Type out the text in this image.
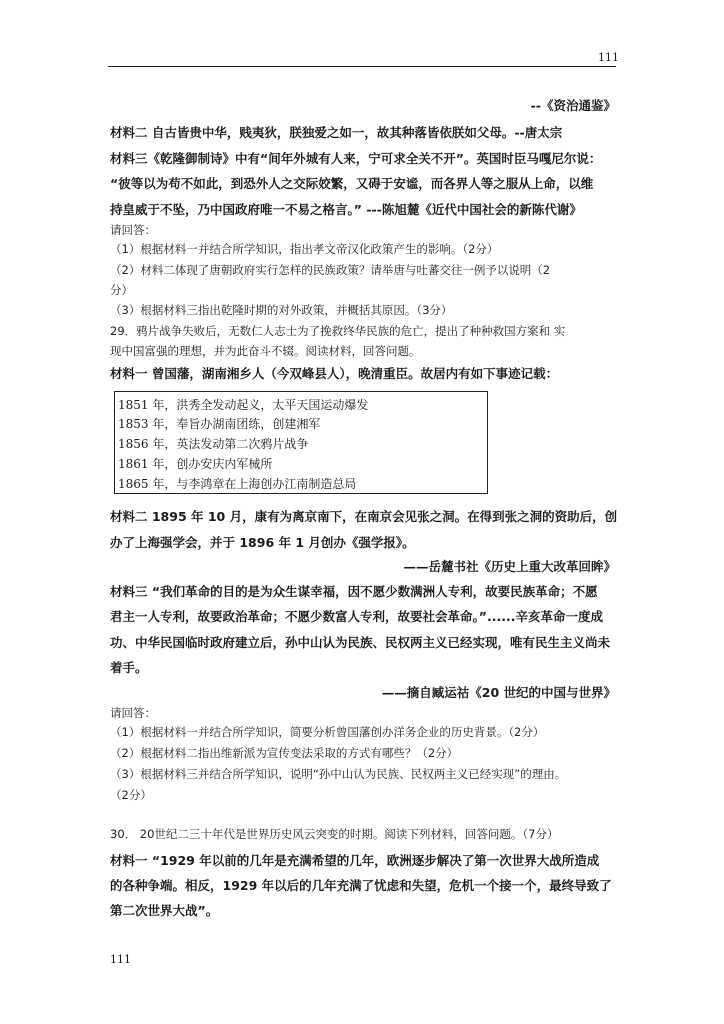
111
--《资治通鉴》
材料二 自古皆贵中华，贱夷狄，朕独爱之如一，故其种落皆依朕如父母。--唐太宗
材料三《乾隆御制诗》中有“间年外城有人来，宁可求全关不开”。英国时臣马嘎尼尔说：
“彼等以为苟不如此，到恐外人之交际姣繁，又碍于安谧，而各界人等之服从上命，以维
持皇威于不坠，乃中国政府唯一不易之格言。” ---陈旭麓《近代中国社会的新陈代谢》
请回答：
（1）根据材料一并结合所学知识，指出孝文帝汉化政策产生的影响。（2分）
（2）材料二体现了唐朝政府实行怎样的民族政策？请举唐与吐蕃交往一例予以说明（2
分）
（3）根据材料三指出乾隆时期的对外政策，并概括其原因。（3分）
29．鸦片战争失败后，无数仁人志士为了挽救终华民族的危亡，提出了种种救国方案和 实
现中国富强的理想，并为此奋斗不辍。阅读材料，回答问题。
材料一 曾国藩，湖南湘乡人（今双峰县人），晚清重臣。故居内有如下事迹记载：
1851 年，洪秀全发动起义，太平天国运动爆发
1853 年，奉旨办湖南团练，创建湘军
1856 年，英法发动第二次鸦片战争
1861 年，创办安庆内军械所
1865 年，与李鸿章在上海创办江南制造总局
材料二 1895 年 10 月，康有为离京南下，在南京会见张之洞。在得到张之洞的资助后，创
办了上海强学会，并于 1896 年 1 月创办《强学报》。
——岳麓书社《历史上重大改革回眸》
材料三 “我们革命的目的是为众生谋幸福，因不愿少数满洲人专利，故要民族革命；不愿
君主一人专利，故要政治革命；不愿少数富人专利，故要社会革命。”......辛亥革命一度成
功、中华民国临时政府建立后，孙中山认为民族、民权两主义已经实现，唯有民生主义尚未
着手。
——摘自臧运祜《20 世纪的中国与世界》
请回答：
（1）根据材料一并结合所学知识，简要分析曾国藩创办洋务企业的历史背景。（2分）
（2）根据材料二指出维新派为宣传变法采取的方式有哪些？（2分）
（3）根据材料三并结合所学知识，说明“孙中山认为民族、民权两主义已经实现”的理由。
（2分）
30． 20世纪二三十年代是世界历史风云突变的时期。阅读下列材料，回答问题。（7分）
材料一 “1929 年以前的几年是充满希望的几年，欧洲逐步解决了第一次世界大战所造成
的各种争端。相反，1929 年以后的几年充满了忧虑和失望，危机一个接一个，最终导致了
第二次世界大战”。
111
